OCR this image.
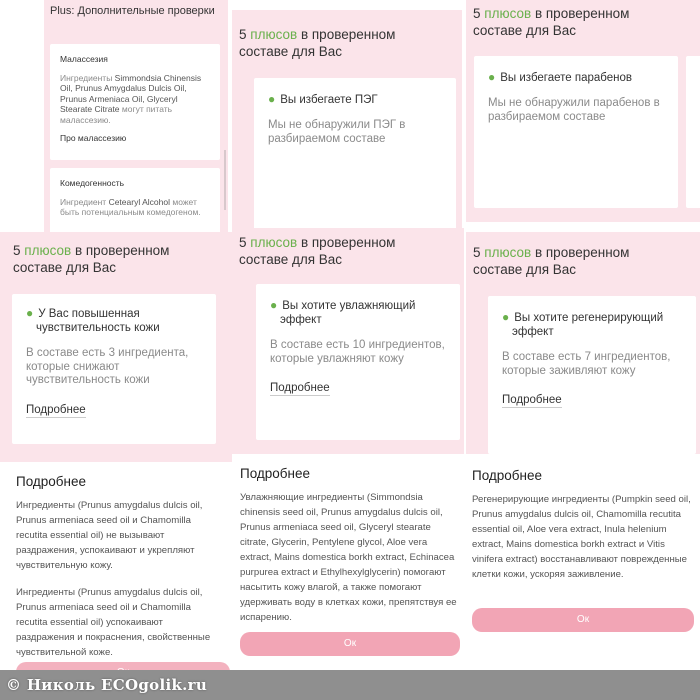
Plus: Дополнительные проверки
Малассезия
Ингредиенты Simmondsia Chinensis Oil, Prunus Amygdalus Dulcis Oil, Prunus Armeniaca Oil, Glyceryl Stearate Citrate могут питать малассезию.
Про малассезию
Комедогенность
Ингредиент Cetearyl Alcohol может быть потенциальным комедогеном.
5 плюсов в проверенном составе для Вас
● Вы избегаете ПЭГ
Мы не обнаружили ПЭГ в разбираемом составе
5 плюсов в проверенном составе для Вас
● Вы избегаете парабенов
Мы не обнаружили парабенов в разбираемом составе
5 плюсов в проверенном составе для Вас
● У Вас повышенная чувствительность кожи
В составе есть 3 ингредиента, которые снижают чувствительность кожи
Подробнее
5 плюсов в проверенном составе для Вас
● Вы хотите увлажняющий эффект
В составе есть 10 ингредиентов, которые увлажняют кожу
Подробнее
5 плюсов в проверенном составе для Вас
● Вы хотите регенерирующий эффект
В составе есть 7 ингредиентов, которые заживляют кожу
Подробнее
Подробнее
Ингредиенты (Prunus amygdalus dulcis oil, Prunus armeniaca seed oil и Chamomilla recutita essential oil) не вызывают раздражения, успокаивают и укрепляют чувствительную кожу.
Ингредиенты (Prunus amygdalus dulcis oil, Prunus armeniaca seed oil и Chamomilla recutita essential oil) успокаивают раздражения и покраснения, свойственные чувствительной коже.
Подробнее
Увлажняющие ингредиенты (Simmondsia chinensis seed oil, Prunus amygdalus dulcis oil, Prunus armeniaca seed oil, Glyceryl stearate citrate, Glycerin, Pentylene glycol, Aloe vera extract, Mains domestica borkh extract, Echinacea purpurea extract и Ethylhexylglycerin) помогают насытить кожу влагой, а также помогают удерживать воду в клетках кожи, препятствуя ее испарению.
Ок
Подробнее
Регенерирующие ингредиенты (Pumpkin seed oil, Prunus amygdalus dulcis oil, Chamomilla recutita essential oil, Aloe vera extract, Inula helenium extract, Mains domestica borkh extract и Vitis vinifera extract) восстанавливают поврежденные клетки кожи, ускоряя заживление.
Ок
© Николь ECOgolik.ru
